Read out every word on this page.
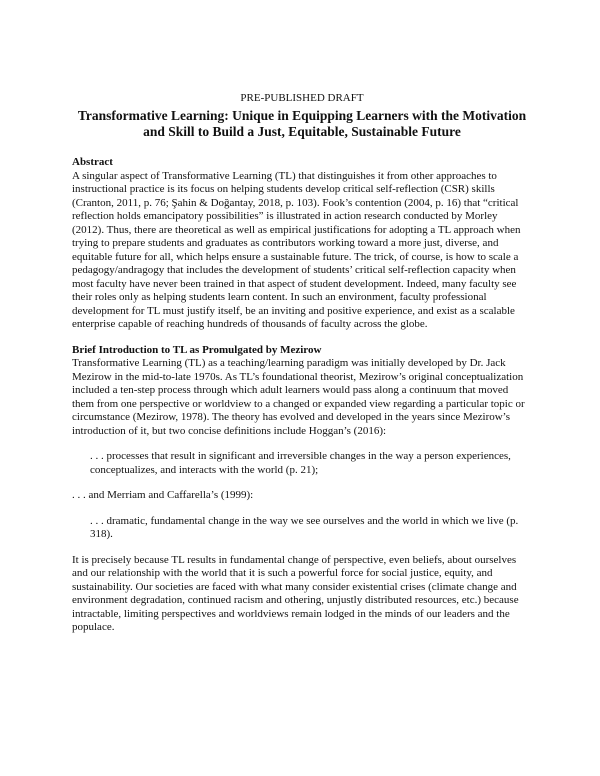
PRE-PUBLISHED DRAFT
Transformative Learning: Unique in Equipping Learners with the Motivation
and Skill to Build a Just, Equitable, Sustainable Future
Abstract

A singular aspect of Transformative Learning (TL) that distinguishes it from other approaches to instructional practice is its focus on helping students develop critical self-reflection (CSR) skills (Cranton, 2011, p. 76; Şahin & Doğantay, 2018, p. 103). Fook’s contention (2004, p. 16) that “critical reflection holds emancipatory possibilities” is illustrated in action research conducted by Morley (2012). Thus, there are theoretical as well as empirical justifications for adopting a TL approach when trying to prepare students and graduates as contributors working toward a more just, diverse, and equitable future for all, which helps ensure a sustainable future. The trick, of course, is how to scale a pedagogy/andragogy that includes the development of students’ critical self-reflection capacity when most faculty have never been trained in that aspect of student development. Indeed, many faculty see their roles only as helping students learn content. In such an environment, faculty professional development for TL must justify itself, be an inviting and positive experience, and exist as a scalable enterprise capable of reaching hundreds of thousands of faculty across the globe.

Brief Introduction to TL as Promulgated by Mezirow

Transformative Learning (TL) as a teaching/learning paradigm was initially developed by Dr. Jack Mezirow in the mid-to-late 1970s. As TL’s foundational theorist, Mezirow’s original conceptualization included a ten-step process through which adult learners would pass along a continuum that moved them from one perspective or worldview to a changed or expanded view regarding a particular topic or circumstance (Mezirow, 1978). The theory has evolved and developed in the years since Mezirow’s introduction of it, but two concise definitions include Hoggan’s (2016):

. . . processes that result in significant and irreversible changes in the way a person experiences, conceptualizes, and interacts with the world (p. 21);

. . . and Merriam and Caffarella’s (1999):

. . . dramatic, fundamental change in the way we see ourselves and the world in which we live (p. 318).

It is precisely because TL results in fundamental change of perspective, even beliefs, about ourselves and our relationship with the world that it is such a powerful force for social justice, equity, and sustainability. Our societies are faced with what many consider existential crises (climate change and environment degradation, continued racism and othering, unjustly distributed resources, etc.) because intractable, limiting perspectives and worldviews remain lodged in the minds of our leaders and the populace.
